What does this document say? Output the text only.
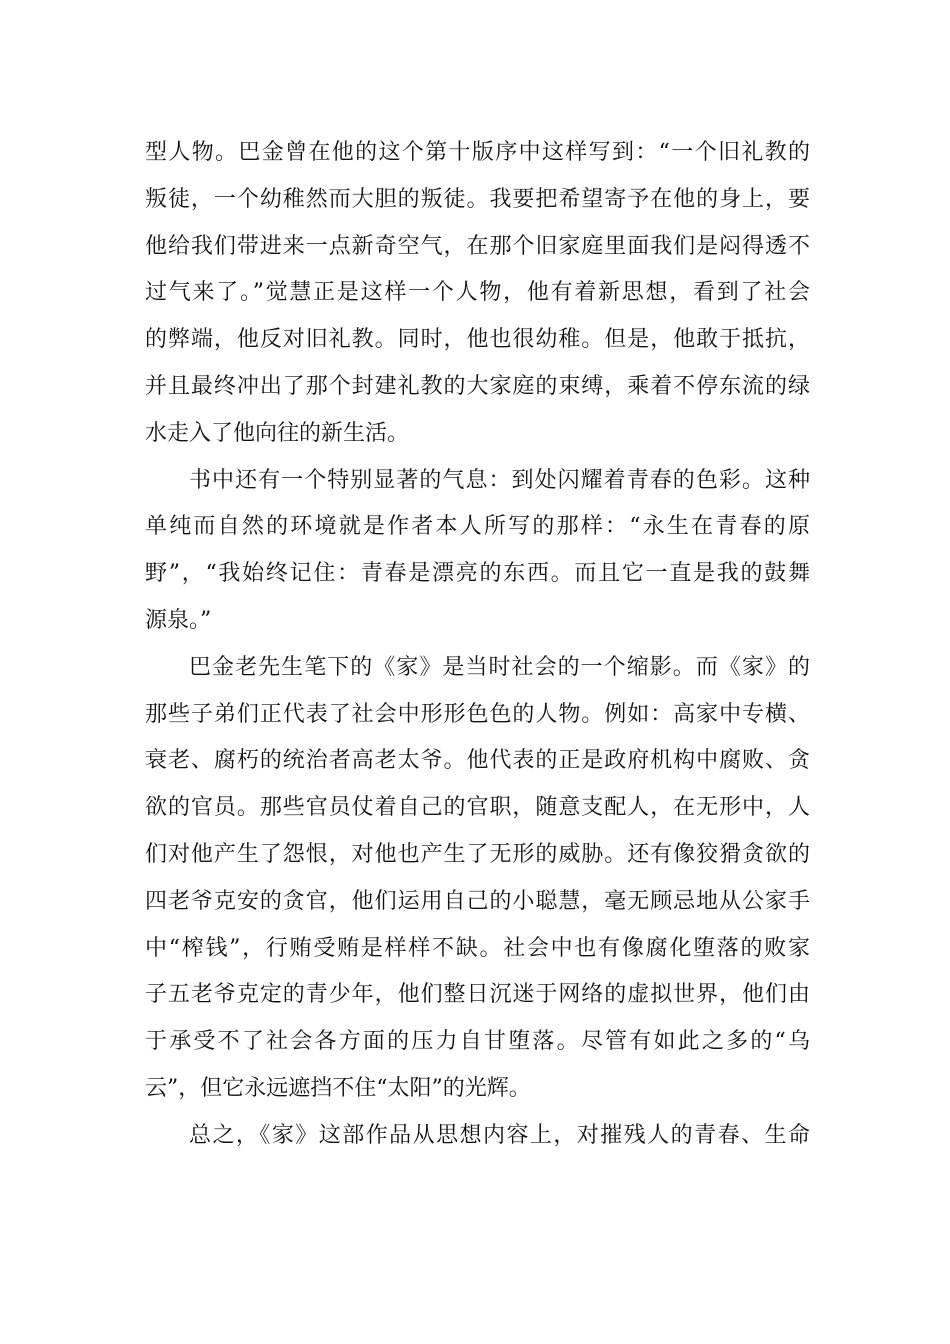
型人物。巴金曾在他的这个第十版序中这样写到：“一个旧礼教的
叛徒，一个幼稚然而大胆的叛徒。我要把希望寄予在他的身上，要
他给我们带进来一点新奇空气，在那个旧家庭里面我们是闷得透不
过气来了。”觉慧正是这样一个人物，他有着新思想，看到了社会
的弊端，他反对旧礼教。同时，他也很幼稚。但是，他敢于抵抗，
并且最终冲出了那个封建礼教的大家庭的束缚，乘着不停东流的绿
水走入了他向往的新生活。
书中还有一个特别显著的气息：到处闪耀着青春的色彩。这种
单纯而自然的环境就是作者本人所写的那样：“永生在青春的原
野”，“我始终记住：青春是漂亮的东西。而且它一直是我的鼓舞
源泉。”
巴金老先生笔下的《家》是当时社会的一个缩影。而《家》的
那些子弟们正代表了社会中形形色色的人物。例如：高家中专横、
衰老、腐朽的统治者高老太爷。他代表的正是政府机构中腐败、贪
欲的官员。那些官员仗着自己的官职，随意支配人，在无形中，人
们对他产生了怨恨，对他也产生了无形的威胁。还有像狡猾贪欲的
四老爷克安的贪官，他们运用自己的小聪慧，毫无顾忌地从公家手
中“榨钱”，行贿受贿是样样不缺。社会中也有像腐化堕落的败家
子五老爷克定的青少年，他们整日沉迷于网络的虚拟世界，他们由
于承受不了社会各方面的压力自甘堕落。尽管有如此之多的“乌
云”，但它永远遮挡不住“太阳”的光辉。
总之，《家》这部作品从思想内容上，对摧残人的青春、生命
